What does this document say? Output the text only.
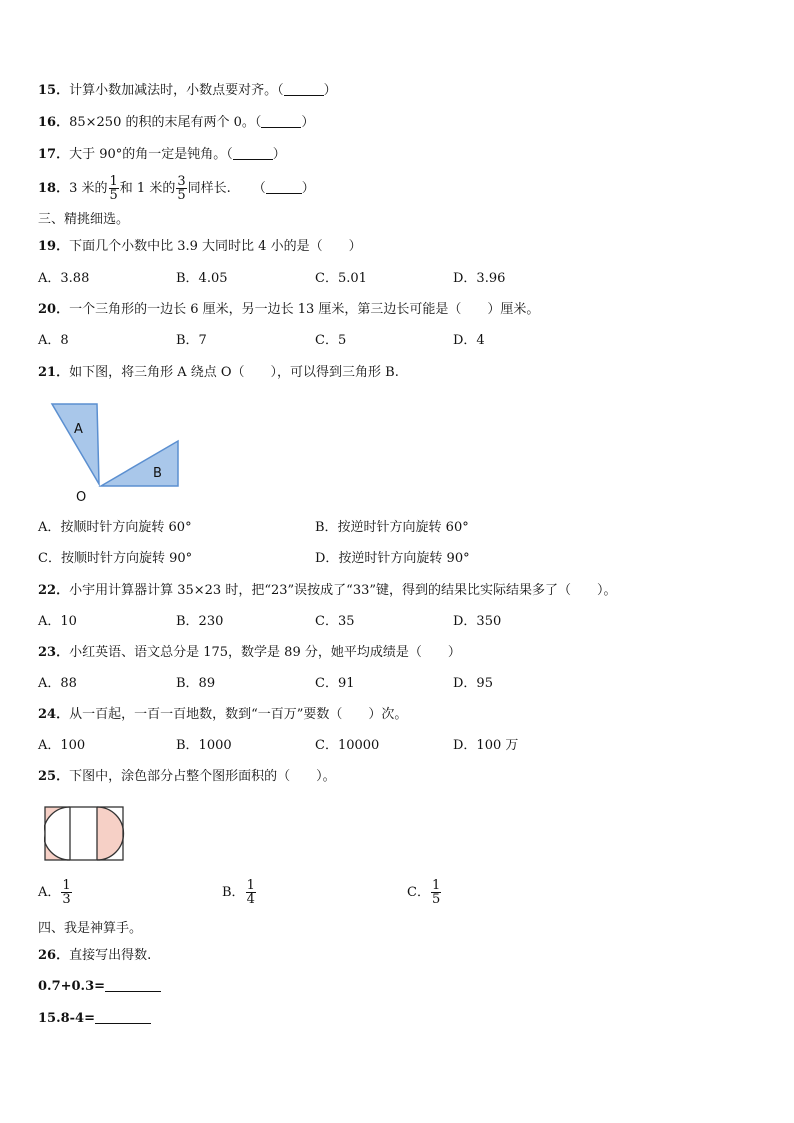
15．计算小数加减法时，小数点要对齐。（	）
16．85×250 的积的末尾有两个 0。（	）
17．大于 90°的角一定是钝角。（	）
18．3 米的 $\frac{1}{5}$ 和 1 米的 $\frac{3}{5}$ 同样长. （	）
三、精挑细选。
19．下面几个小数中比 3.9 大同时比 4 小的是（　　）
A．3.88	B．4.05	C．5.01	D．3.96
20．一个三角形的一边长 6 厘米，另一边长 13 厘米，第三边长可能是（　　）厘米。
A．8	B．7	C．5	D．4
21．如下图，将三角形 A 绕点 O（　　），可以得到三角形 B.
A
B
O
A．按顺时针方向旋转 60°	B．按逆时针方向旋转 60°
C．按顺时针方向旋转 90°	D．按逆时针方向旋转 90°
22．小宇用计算器计算 35×23 时，把“23”误按成了“33”键，得到的结果比实际结果多了（　　）。
A．10	B．230	C．35	D．350
23．小红英语、语文总分是 175，数学是 89 分，她平均成绩是（　　）
A．88	B．89	C．91	D．95
24．从一百起，一百一百地数，数到“一百万”要数（　　）次。
A．100	B．1000	C．10000	D．100 万
25．下图中，涂色部分占整个图形面积的（　　）。
A． $\frac{1}{3}$	B． $\frac{1}{4}$	C． $\frac{1}{5}$
四、我是神算手。
26．直接写出得数.
0.7+0.3=
15.8-4=
